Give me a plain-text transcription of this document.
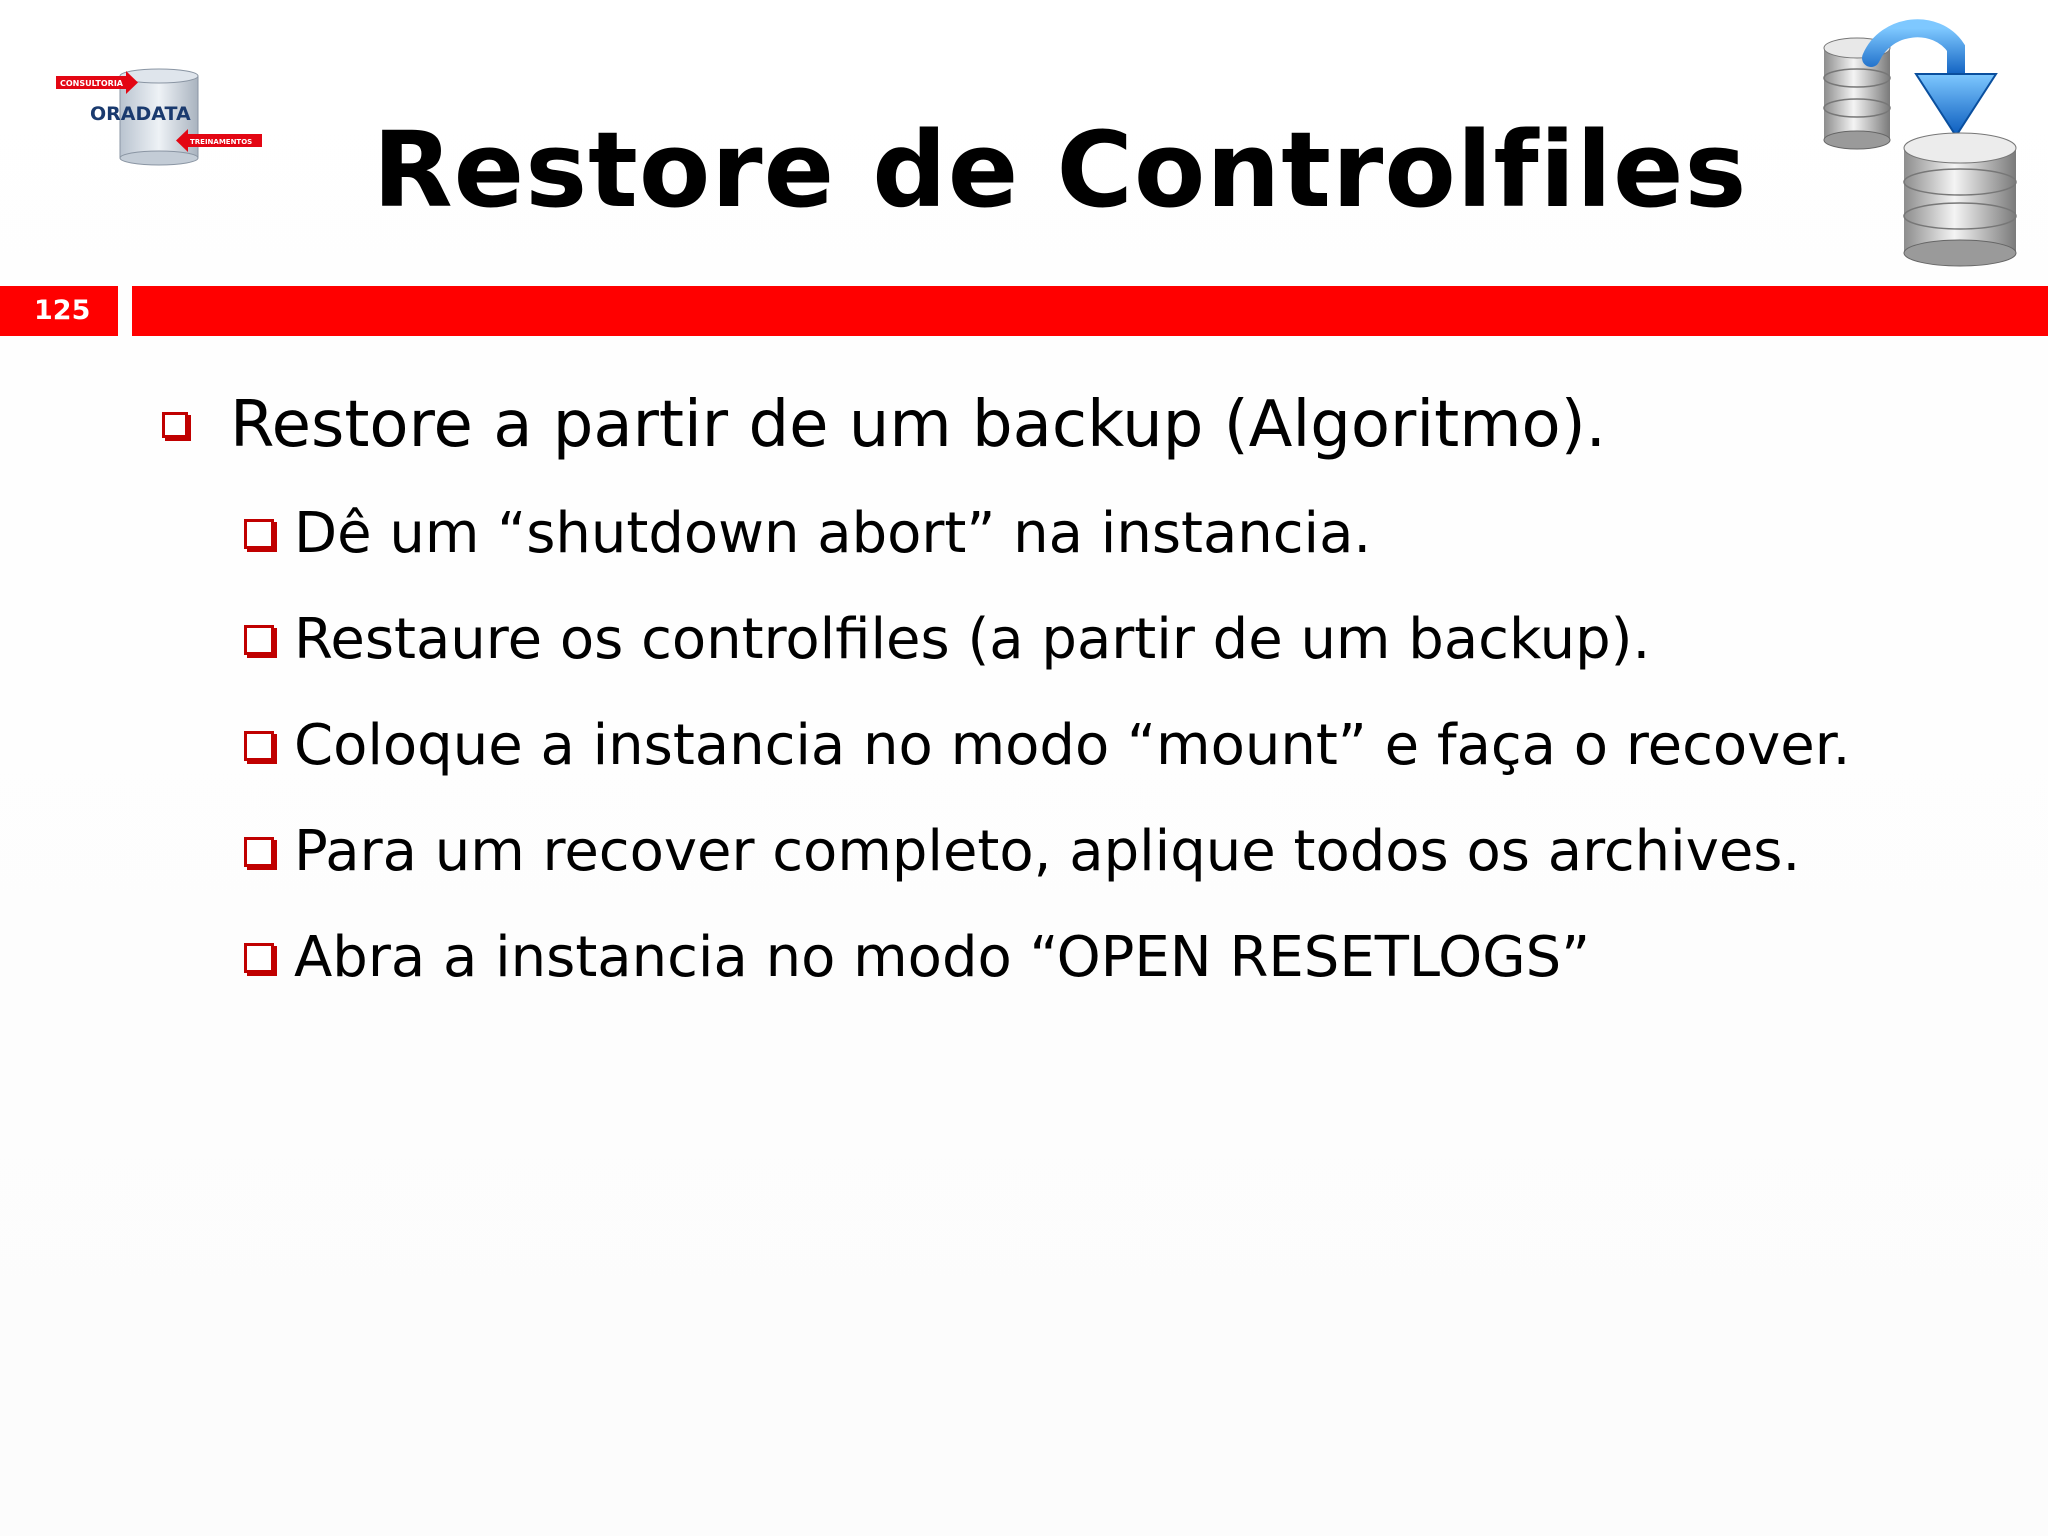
CONSULTORIA
ORADATA
TREINAMENTOS	Restore de Controlfiles
125
Restore a partir de um backup (Algoritmo).
Dê um “shutdown abort” na instancia.
Restaure os controlfiles (a partir de um backup).
Coloque a instancia no modo “mount” e faça o recover.
Para um recover completo, aplique todos os archives.
Abra a instancia no modo “OPEN RESETLOGS”
